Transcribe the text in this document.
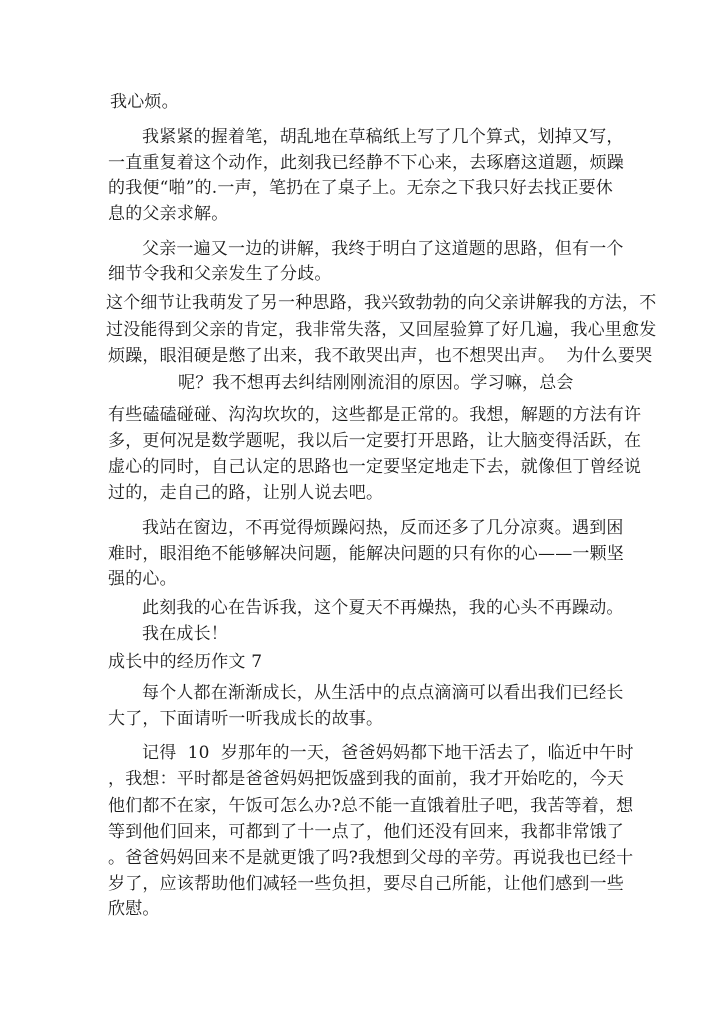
我心烦。
我紧紧的握着笔，胡乱地在草稿纸上写了几个算式，划掉又写，
一直重复着这个动作，此刻我已经静不下心来，去琢磨这道题，烦躁
的我便“啪”的.一声，笔扔在了桌子上。无奈之下我只好去找正要休
息的父亲求解。
父亲一遍又一边的讲解，我终于明白了这道题的思路，但有一个
细节令我和父亲发生了分歧。
这个细节让我萌发了另一种思路，我兴致勃勃的向父亲讲解我的方法，不
过没能得到父亲的肯定，我非常失落，又回屋验算了好几遍，我心里愈发
烦躁，眼泪硬是憋了出来，我不敢哭出声，也不想哭出声。  为什么要哭
呢？我不想再去纠结刚刚流泪的原因。学习嘛，总会
有些磕磕碰碰、沟沟坎坎的，这些都是正常的。我想，解题的方法有许
多，更何况是数学题呢，我以后一定要打开思路，让大脑变得活跃，在
虚心的同时，自己认定的思路也一定要坚定地走下去，就像但丁曾经说
过的，走自己的路，让别人说去吧。
我站在窗边，不再觉得烦躁闷热，反而还多了几分凉爽。遇到困
难时，眼泪绝不能够解决问题，能解决问题的只有你的心——一颗坚
强的心。
此刻我的心在告诉我，这个夏天不再燥热，我的心头不再躁动。
我在成长！
成长中的经历作文 7
每个人都在渐渐成长，从生活中的点点滴滴可以看出我们已经长
大了，下面请听一听我成长的故事。
记得  10  岁那年的一天，爸爸妈妈都下地干活去了，临近中午时
，我想：平时都是爸爸妈妈把饭盛到我的面前，我才开始吃的，今天
他们都不在家，午饭可怎么办?总不能一直饿着肚子吧，我苦等着，想
等到他们回来，可都到了十一点了，他们还没有回来，我都非常饿了
。爸爸妈妈回来不是就更饿了吗?我想到父母的辛劳。再说我也已经十
岁了，应该帮助他们减轻一些负担，要尽自己所能，让他们感到一些
欣慰。
